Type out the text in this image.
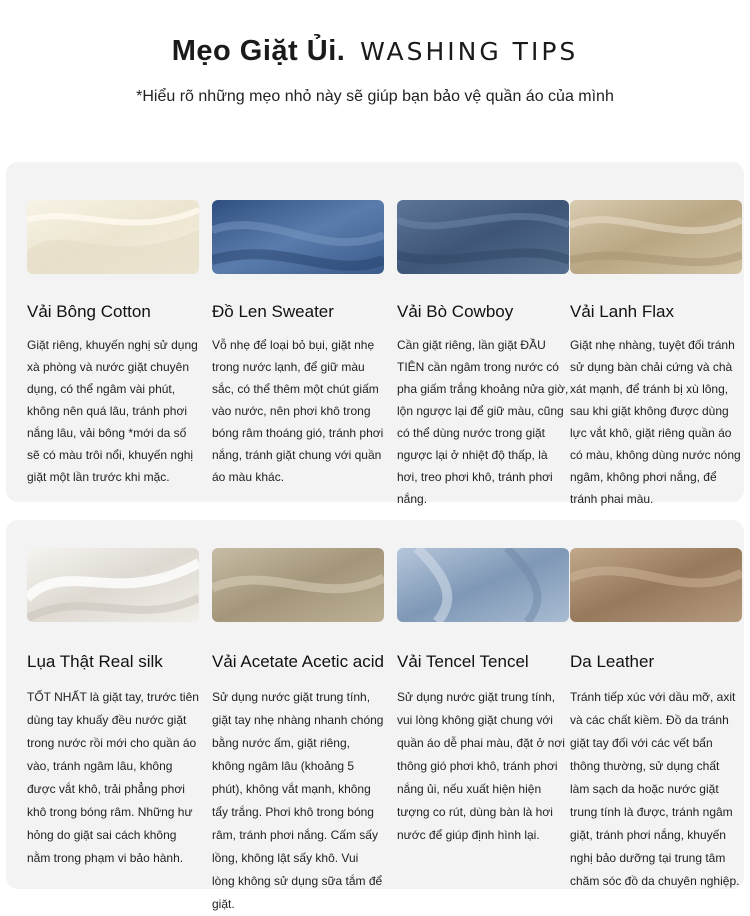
Mẹo Giặt Ủi. WASHING TIPS
*Hiểu rõ những mẹo nhỏ này sẽ giúp bạn bảo vệ quần áo của mình
Vải Bông Cotton
Giặt riêng, khuyến nghị sử dụng xà phòng và nước giặt chuyên dụng, có thể ngâm vài phút, không nên quá lâu, tránh phơi nắng lâu, vải bông *mới da số sẽ có màu trôi nổi, khuyến nghị giặt một lần trước khi mặc.
Đồ Len Sweater
Vỗ nhẹ để loại bỏ bụi, giặt nhẹ trong nước lạnh, để giữ màu sắc, có thể thêm một chút giấm vào nước, nên phơi khô trong bóng râm thoáng gió, tránh phơi nắng, tránh giặt chung với quần áo màu khác.
Vải Bò Cowboy
Cần giặt riêng, lần giặt ĐẦU TIÊN cần ngâm trong nước có pha giấm trắng khoảng nửa giờ, lộn ngược lại để giữ màu, cũng có thể dùng nước trong giặt ngược lại ở nhiệt độ thấp, là hơi, treo phơi khô, tránh phơi nắng.
Vải Lanh Flax
Giặt nhẹ nhàng, tuyệt đối tránh sử dụng bàn chải cứng và chà xát mạnh, để tránh bị xù lông, sau khi giặt không được dùng lực vắt khô, giặt riêng quần áo có màu, không dùng nước nóng ngâm, không phơi nắng, để tránh phai màu.
Lụa Thật Real silk
TỐT NHẤT là giặt tay, trước tiên dùng tay khuấy đều nước giặt trong nước rồi mới cho quần áo vào, tránh ngâm lâu, không được vắt khô, trải phẳng phơi khô trong bóng râm. Những hư hỏng do giặt sai cách không nằm trong phạm vi bảo hành.
Vải Acetate Acetic acid
Sử dụng nước giặt trung tính, giặt tay nhẹ nhàng nhanh chóng bằng nước ấm, giặt riêng, không ngâm lâu (khoảng 5 phút), không vắt mạnh, không tẩy trắng. Phơi khô trong bóng râm, tránh phơi nắng. Cấm sấy lồng, không lật sấy khô. Vui lòng không sử dụng sữa tắm để giặt.
Vải Tencel Tencel
Sử dụng nước giặt trung tính, vui lòng không giặt chung với quần áo dễ phai màu, đặt ở nơi thông gió phơi khô, tránh phơi nắng ủi, nếu xuất hiện hiện tượng co rút, dùng bàn là hơi nước để giúp định hình lại.
Da Leather
Tránh tiếp xúc với dầu mỡ, axit và các chất kiềm. Đồ da tránh giặt tay đối với các vết bẩn thông thường, sử dụng chất làm sạch da hoặc nước giặt trung tính là được, tránh ngâm giặt, tránh phơi nắng, khuyến nghị bảo dưỡng tại trung tâm chăm sóc đồ da chuyên nghiệp.
